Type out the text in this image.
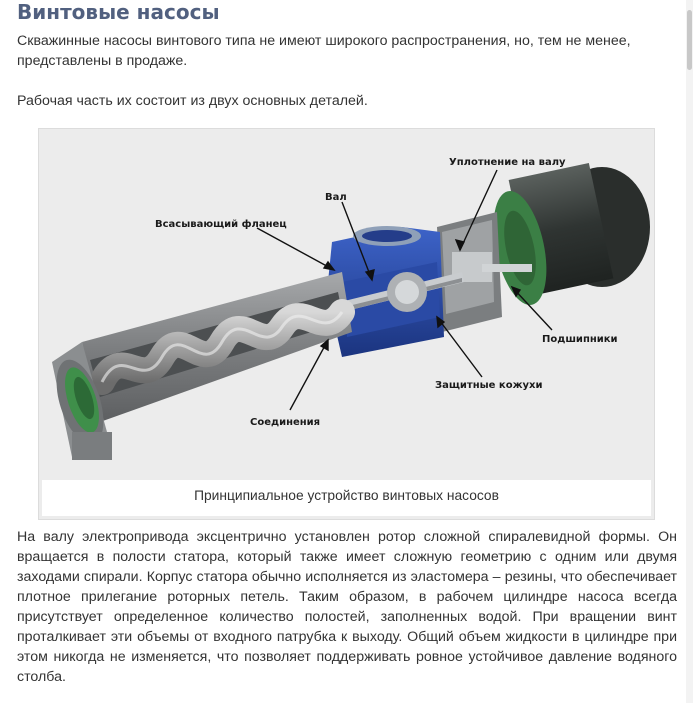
Винтовые насосы

Скважинные насосы винтового типа не имеют широкого распространения, но, тем не менее, представлены в продаже.

Рабочая часть их состоит из двух основных деталей.

Уплотнение на валу
Вал
Всасывающий фланец
Подшипники
Защитные кожухи
Соединения
Принципиальное устройство винтовых насосов

На валу электропривода эксцентрично установлен ротор сложной спиралевидной формы. Он вращается в полости статора, который также имеет сложную геометрию с одним или двумя заходами спирали. Корпус статора обычно исполняется из эластомера – резины, что обеспечивает плотное прилегание роторных петель. Таким образом, в рабочем цилиндре насоса всегда присутствует определенное количество полостей, заполненных водой. При вращении винт проталкивает эти объемы от входного патрубка к выходу. Общий объем жидкости в цилиндре при этом никогда не изменяется, что позволяет поддерживать ровное устойчивое давление водяного столба.
